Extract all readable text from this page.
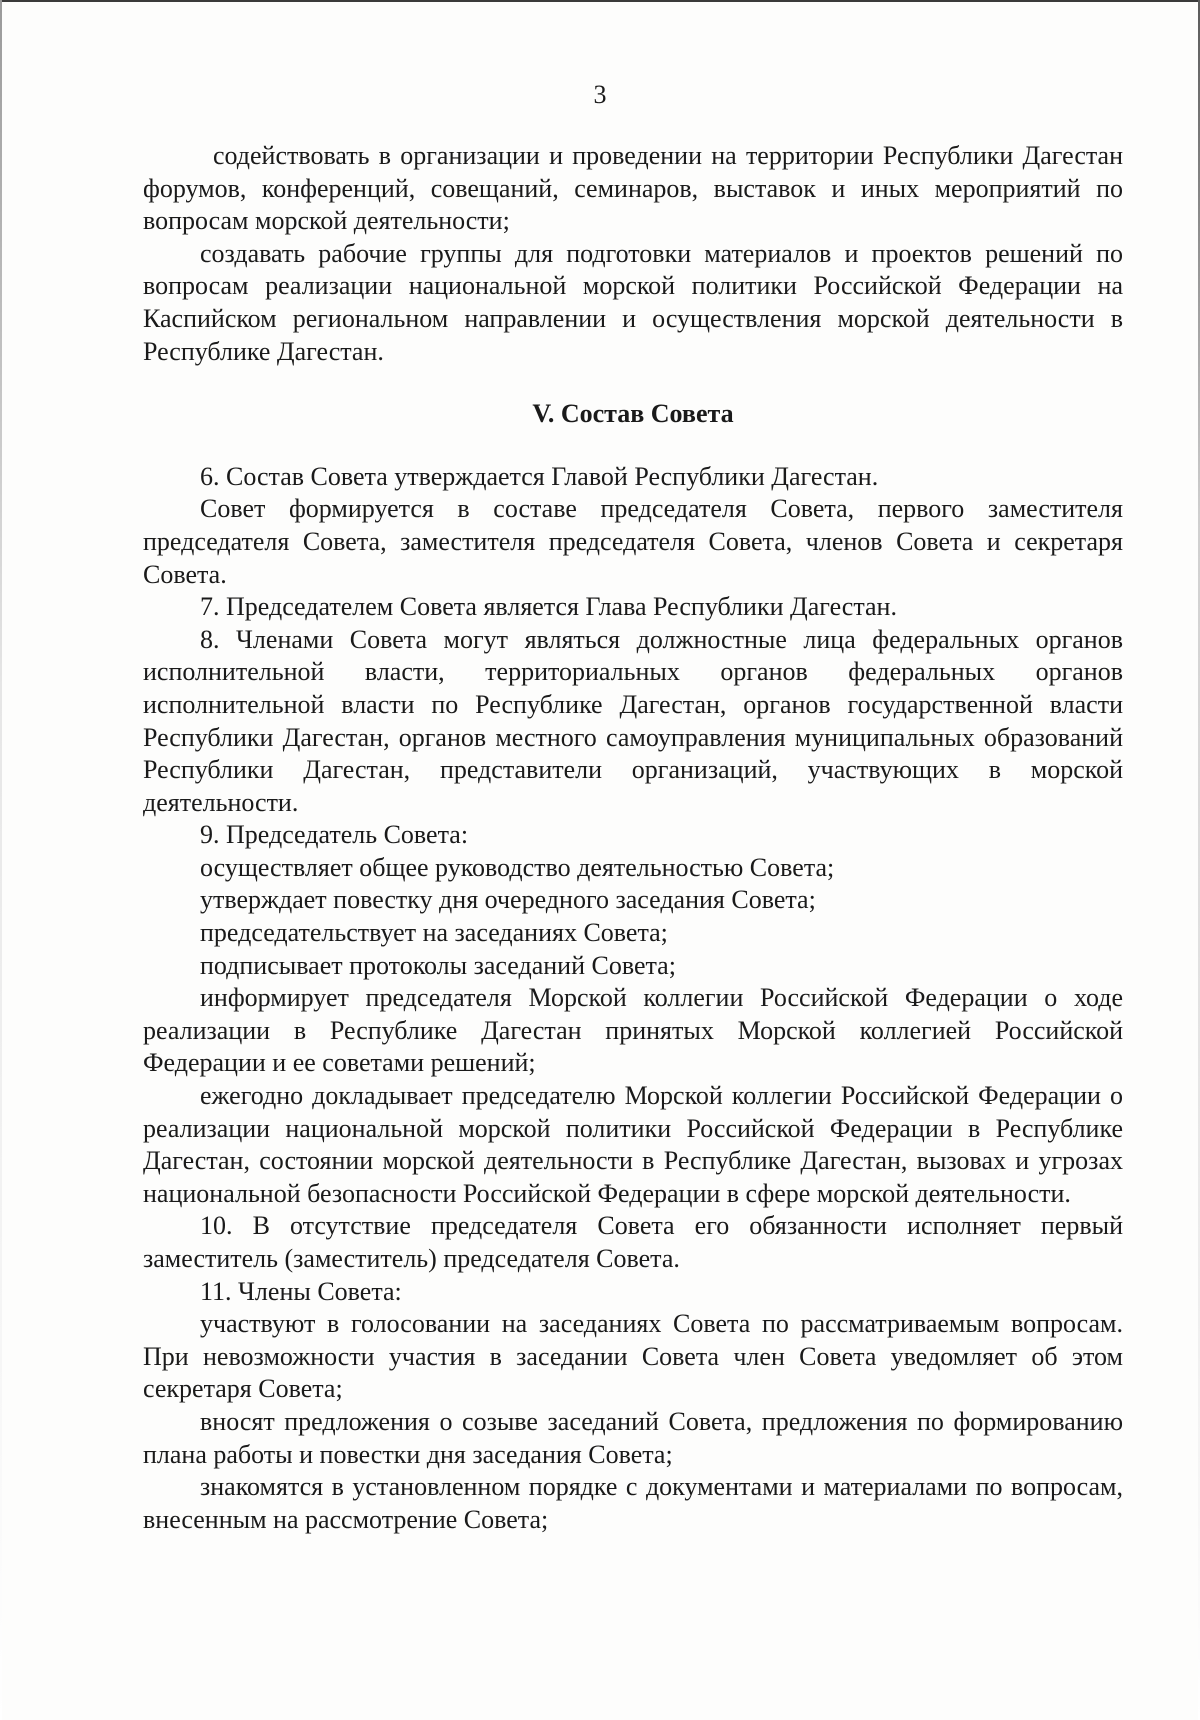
3

содействовать в организации и проведении на территории Республики Дагестан форумов, конференций, совещаний, семинаров, выставок и иных мероприятий по вопросам морской деятельности;

создавать рабочие группы для подготовки материалов и проектов решений по вопросам реализации национальной морской политики Российской Федерации на Каспийском региональном направлении и осуществления морской деятельности в Республике Дагестан.

V. Состав Совета

6. Состав Совета утверждается Главой Республики Дагестан.

Совет формируется в составе председателя Совета, первого заместителя председателя Совета, заместителя председателя Совета, членов Совета и секретаря Совета.

7. Председателем Совета является Глава Республики Дагестан.

8. Членами Совета могут являться должностные лица федеральных органов исполнительной власти, территориальных органов федеральных органов исполнительной власти по Республике Дагестан, органов государственной власти Республики Дагестан, органов местного самоуправления муниципальных образований Республики Дагестан, представители организаций, участвующих в морской деятельности.

9. Председатель Совета:

осуществляет общее руководство деятельностью Совета;

утверждает повестку дня очередного заседания Совета;

председательствует на заседаниях Совета;

подписывает протоколы заседаний Совета;

информирует председателя Морской коллегии Российской Федерации о ходе реализации в Республике Дагестан принятых Морской коллегией Российской Федерации и ее советами решений;

ежегодно докладывает председателю Морской коллегии Российской Федерации о реализации национальной морской политики Российской Федерации в Республике Дагестан, состоянии морской деятельности в Республике Дагестан, вызовах и угрозах национальной безопасности Российской Федерации в сфере морской деятельности.

10. В отсутствие председателя Совета его обязанности исполняет первый заместитель (заместитель) председателя Совета.

11. Члены Совета:

участвуют в голосовании на заседаниях Совета по рассматриваемым вопросам. При невозможности участия в заседании Совета член Совета уведомляет об этом секретаря Совета;

вносят предложения о созыве заседаний Совета, предложения по формированию плана работы и повестки дня заседания Совета;

знакомятся в установленном порядке с документами и материалами по вопросам, внесенным на рассмотрение Совета;
